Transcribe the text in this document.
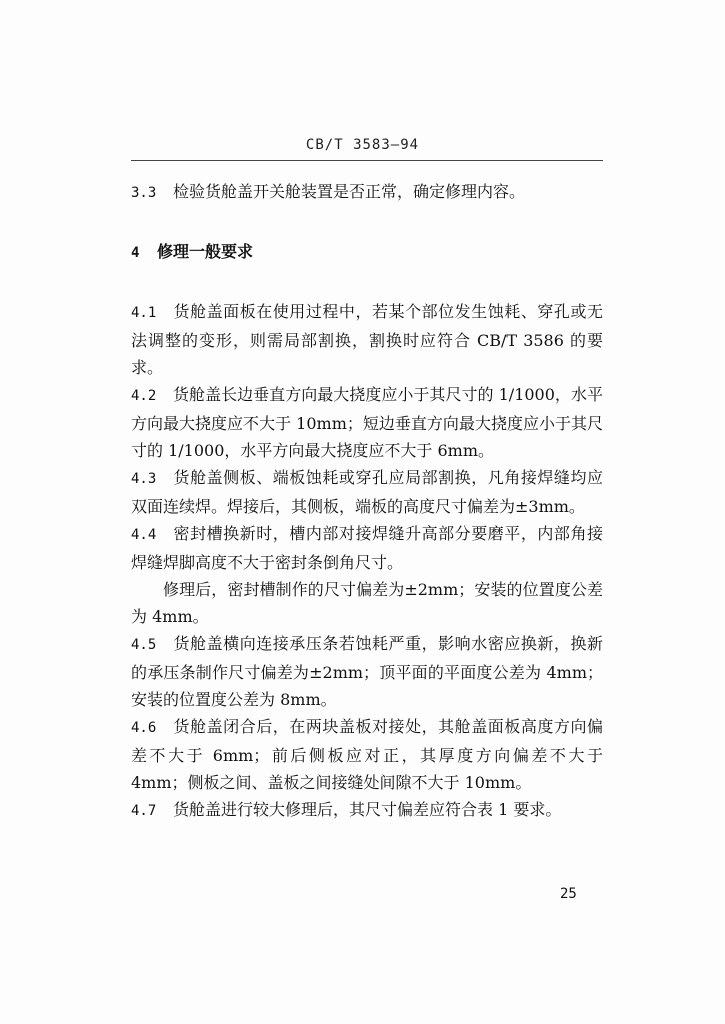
CB/T 3583—94

3.3 检验货舱盖开关舱装置是否正常，确定修理内容。

4 修理一般要求

4.1 货舱盖面板在使用过程中，若某个部位发生蚀耗、穿孔或无法调整的变形，则需局部割换，割换时应符合 CB/T 3586 的要求。

4.2 货舱盖长边垂直方向最大挠度应小于其尺寸的 1/1000，水平方向最大挠度应不大于 10mm；短边垂直方向最大挠度应小于其尺寸的 1/1000，水平方向最大挠度应不大于 6mm。

4.3 货舱盖侧板、端板蚀耗或穿孔应局部割换，凡角接焊缝均应双面连续焊。焊接后，其侧板，端板的高度尺寸偏差为±3mm。

4.4 密封槽换新时，槽内部对接焊缝升高部分要磨平，内部角接焊缝焊脚高度不大于密封条倒角尺寸。

修理后，密封槽制作的尺寸偏差为±2mm；安装的位置度公差为 4mm。

4.5 货舱盖横向连接承压条若蚀耗严重，影响水密应换新，换新的承压条制作尺寸偏差为±2mm；顶平面的平面度公差为 4mm；安装的位置度公差为 8mm。

4.6 货舱盖闭合后，在两块盖板对接处，其舱盖面板高度方向偏差不大于 6mm；前后侧板应对正，其厚度方向偏差不大于 4mm；侧板之间、盖板之间接缝处间隙不大于 10mm。

4.7 货舱盖进行较大修理后，其尺寸偏差应符合表 1 要求。

25
